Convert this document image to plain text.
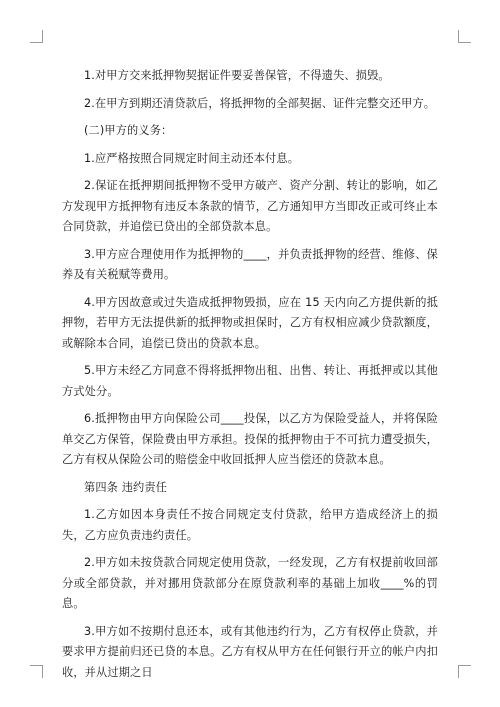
1.对甲方交来抵押物契据证件要妥善保管，不得遗失、损毁。

2.在甲方到期还清贷款后，将抵押物的全部契据、证件完整交还甲方。

(二)甲方的义务：

1.应严格按照合同规定时间主动还本付息。

2.保证在抵押期间抵押物不受甲方破产、资产分割、转让的影响，如乙方发现甲方抵押物有违反本条款的情节，乙方通知甲方当即改正或可终止本合同贷款，并追偿已贷出的全部贷款本息。

3.甲方应合理使用作为抵押物的____，并负责抵押物的经营、维修、保养及有关税赋等费用。

4.甲方因故意或过失造成抵押物毁损，应在 15 天内向乙方提供新的抵押物，若甲方无法提供新的抵押物或担保时，乙方有权相应减少贷款额度，或解除本合同，追偿已贷出的贷款本息。

5.甲方未经乙方同意不得将抵押物出租、出售、转让、再抵押或以其他方式处分。

6.抵押物由甲方向保险公司____投保，以乙方为保险受益人，并将保险单交乙方保管，保险费由甲方承担。投保的抵押物由于不可抗力遭受损失，乙方有权从保险公司的赔偿金中收回抵押人应当偿还的贷款本息。

第四条 违约责任

1.乙方如因本身责任不按合同规定支付贷款，给甲方造成经济上的损失，乙方应负责违约责任。

2.甲方如未按贷款合同规定使用贷款，一经发现，乙方有权提前收回部分或全部贷款，并对挪用贷款部分在原贷款利率的基础上加收____%的罚息。

3.甲方如不按期付息还本，或有其他违约行为，乙方有权停止贷款，并要求甲方提前归还已贷的本息。乙方有权从甲方在任何银行开立的帐户内扣收，并从过期之日
